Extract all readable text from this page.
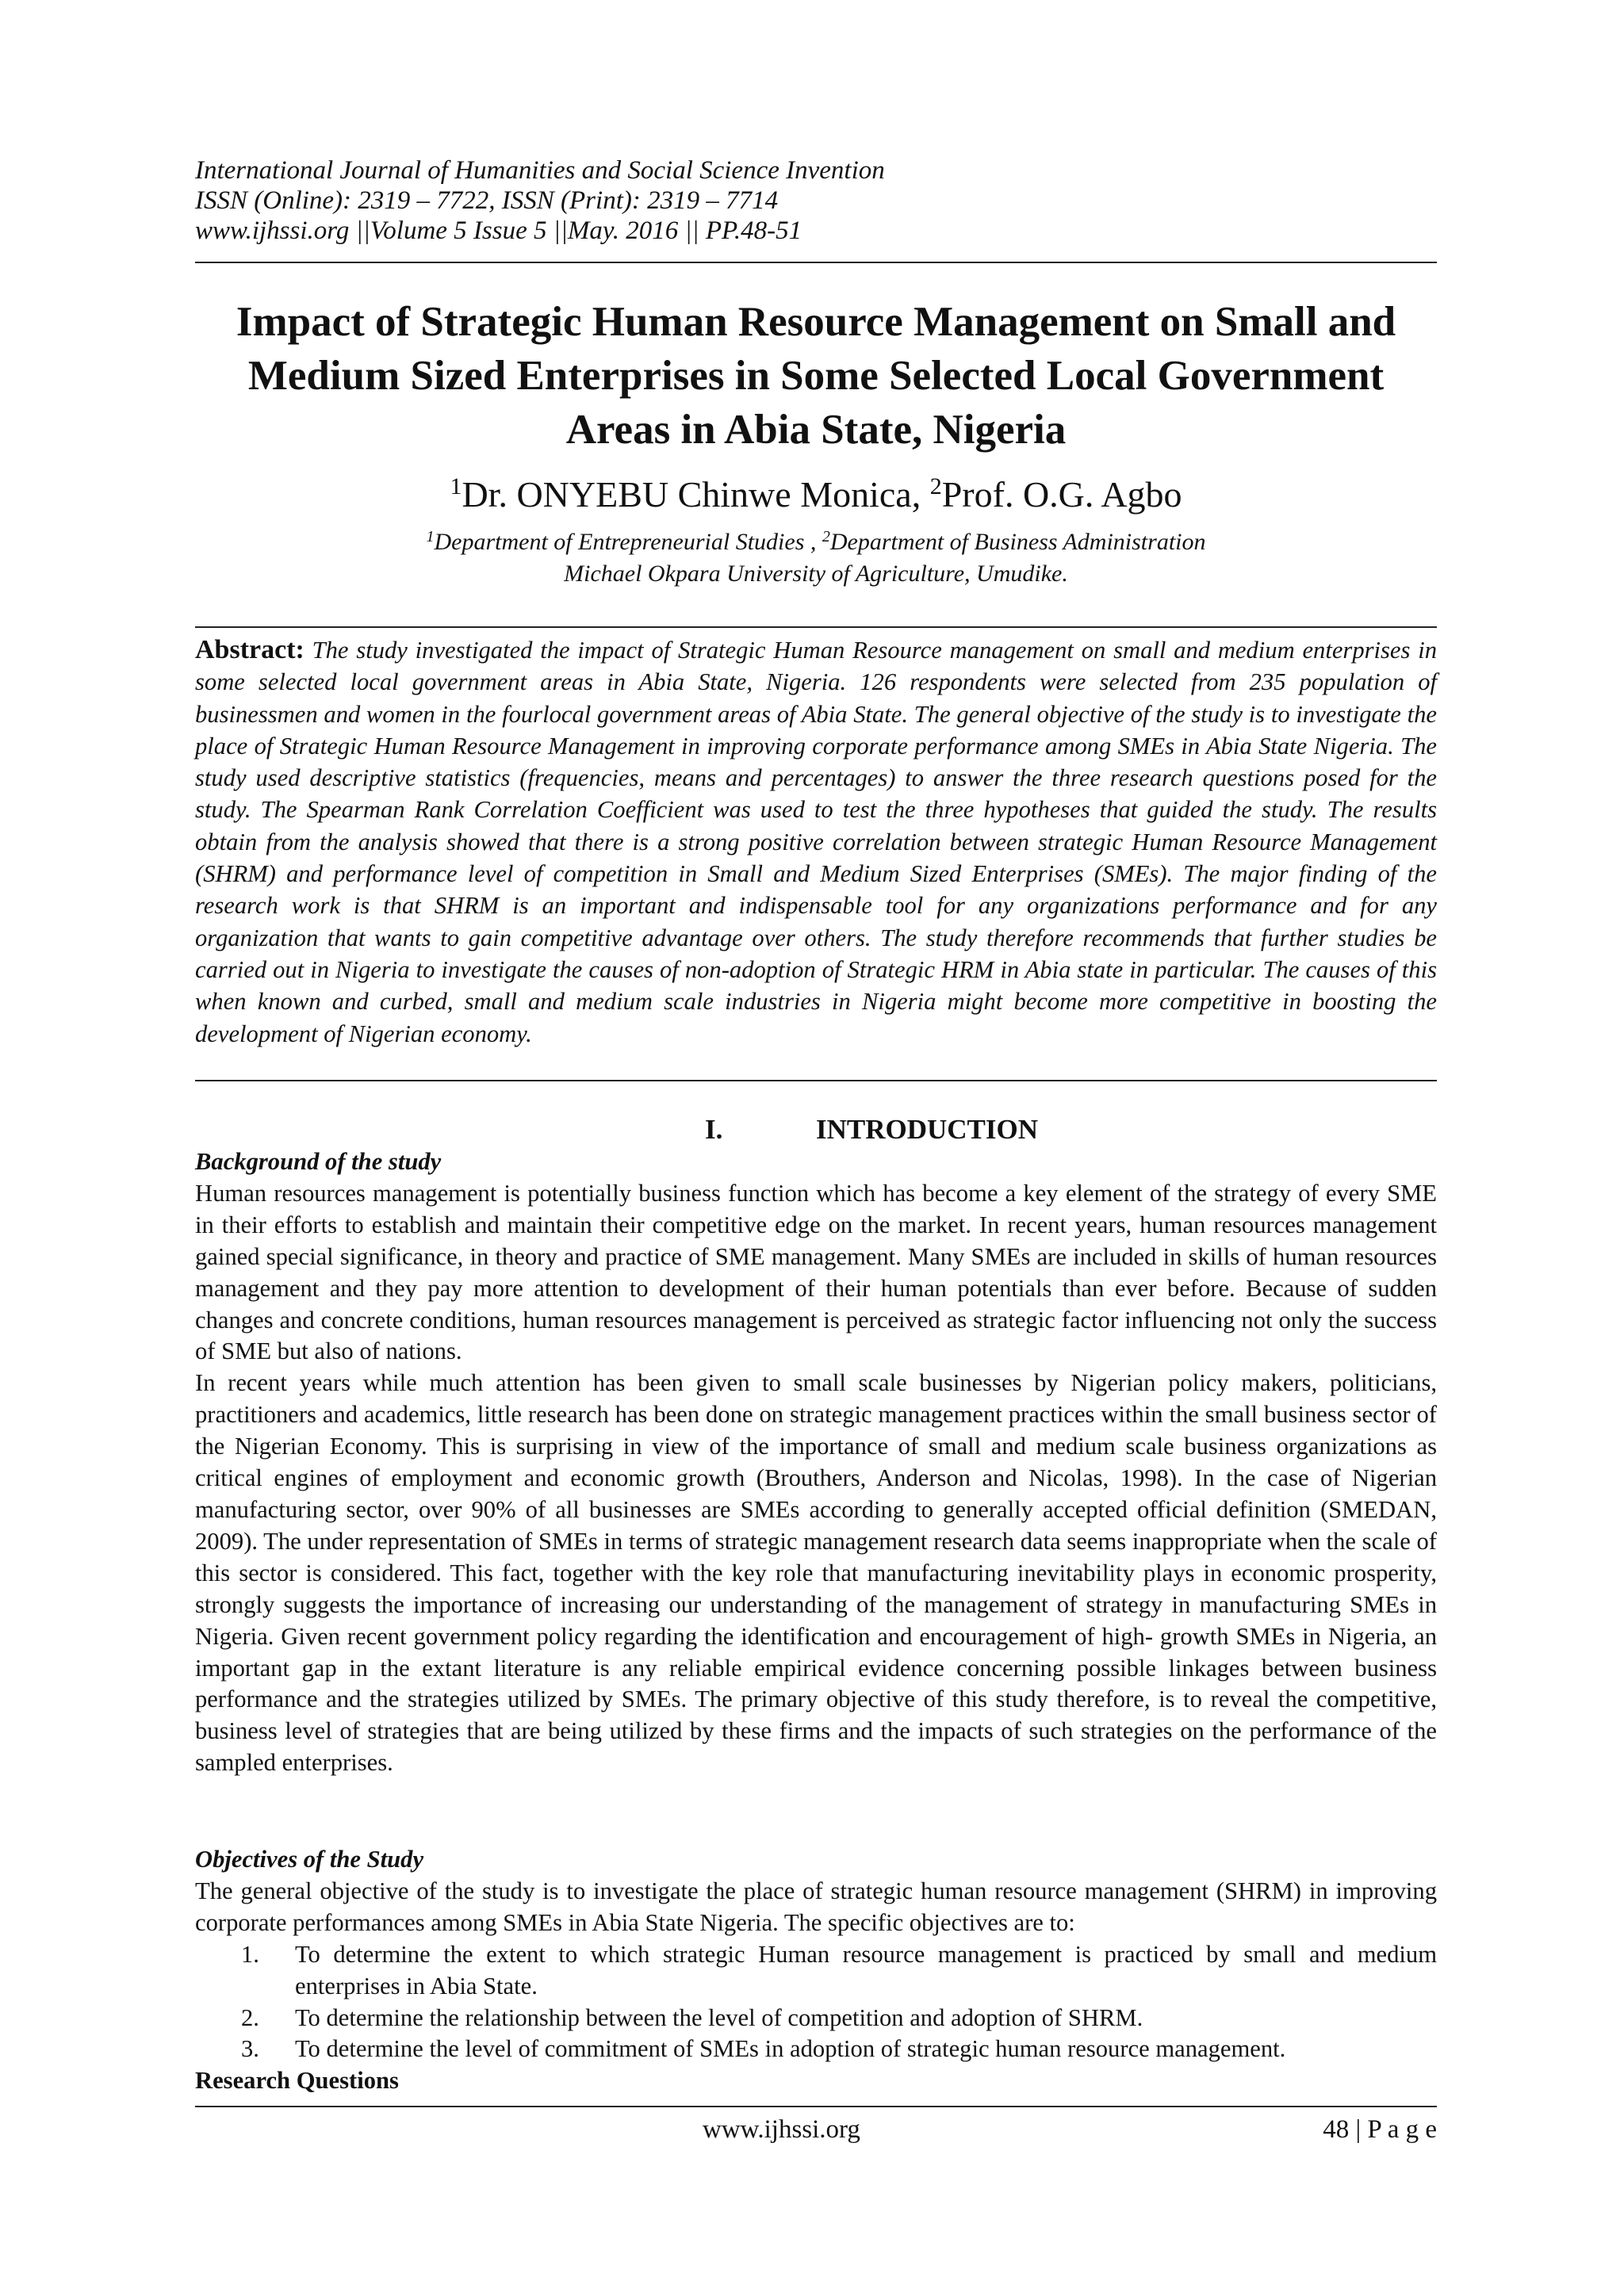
International Journal of Humanities and Social Science Invention
ISSN (Online): 2319 – 7722, ISSN (Print): 2319 – 7714
www.ijhssi.org ||Volume 5 Issue 5 ||May. 2016 || PP.48-51
Impact of Strategic Human Resource Management on Small and Medium Sized Enterprises in Some Selected Local Government Areas in Abia State, Nigeria
$^1$Dr. ONYEBU Chinwe Monica, $^2$Prof. O.G. Agbo
$^1$Department of Entrepreneurial Studies , $^2$Department of Business Administration
Michael Okpara University of Agriculture, Umudike.
Abstract: The study investigated the impact of Strategic Human Resource management on small and medium enterprises in some selected local government areas in Abia State, Nigeria. 126 respondents were selected from 235 population of businessmen and women in the fourlocal government areas of Abia State. The general objective of the study is to investigate the place of Strategic Human Resource Management in improving corporate performance among SMEs in Abia State Nigeria. The study used descriptive statistics (frequencies, means and percentages) to answer the three research questions posed for the study. The Spearman Rank Correlation Coefficient was used to test the three hypotheses that guided the study. The results obtain from the analysis showed that there is a strong positive correlation between strategic Human Resource Management (SHRM) and performance level of competition in Small and Medium Sized Enterprises (SMEs). The major finding of the research work is that SHRM is an important and indispensable tool for any organizations performance and for any organization that wants to gain competitive advantage over others. The study therefore recommends that further studies be carried out in Nigeria to investigate the causes of non-adoption of Strategic HRM in Abia state in particular. The causes of this when known and curbed, small and medium scale industries in Nigeria might become more competitive in boosting the development of Nigerian economy.
I.	INTRODUCTION

Background of the study

Human resources management is potentially business function which has become a key element of the strategy of every SME in their efforts to establish and maintain their competitive edge on the market. In recent years, human resources management gained special significance, in theory and practice of SME management. Many SMEs are included in skills of human resources management and they pay more attention to development of their human potentials than ever before. Because of sudden changes and concrete conditions, human resources management is perceived as strategic factor influencing not only the success of SME but also of nations.

In recent years while much attention has been given to small scale businesses by Nigerian policy makers, politicians, practitioners and academics, little research has been done on strategic management practices within the small business sector of the Nigerian Economy. This is surprising in view of the importance of small and medium scale business organizations as critical engines of employment and economic growth (Brouthers, Anderson and Nicolas, 1998). In the case of Nigerian manufacturing sector, over 90% of all businesses are SMEs according to generally accepted official definition (SMEDAN, 2009). The under representation of SMEs in terms of strategic management research data seems inappropriate when the scale of this sector is considered. This fact, together with the key role that manufacturing inevitability plays in economic prosperity, strongly suggests the importance of increasing our understanding of the management of strategy in manufacturing SMEs in Nigeria. Given recent government policy regarding the identification and encouragement of high- growth SMEs in Nigeria, an important gap in the extant literature is any reliable empirical evidence concerning possible linkages between business performance and the strategies utilized by SMEs. The primary objective of this study therefore, is to reveal the competitive, business level of strategies that are being utilized by these firms and the impacts of such strategies on the performance of the sampled enterprises.

Objectives of the Study

The general objective of the study is to investigate the place of strategic human resource management (SHRM) in improving corporate performances among SMEs in Abia State Nigeria. The specific objectives are to:

1. To determine the extent to which strategic Human resource management is practiced by small and medium enterprises in Abia State.
2. To determine the relationship between the level of competition and adoption of SHRM.
3. To determine the level of commitment of SMEs in adoption of strategic human resource management.

Research Questions

www.ijhssi.org	48 | P a g e
